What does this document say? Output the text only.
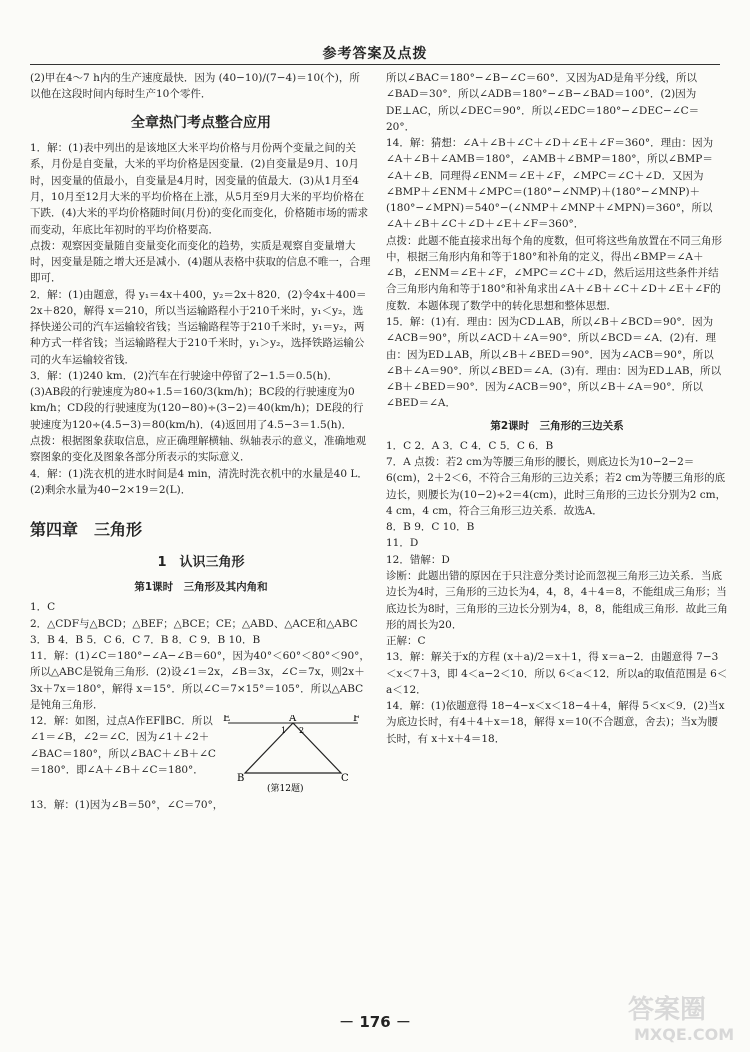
参考答案及点拨

(2)甲在4～7 h内的生产速度最快．因为 (40−10)/(7−4)＝10(个)，所

以他在这段时间内每时生产10个零件．

全章热门考点整合应用

1．解：(1)表中列出的是该地区大米平均价格与月份两个变量之间的关系，月份是自变量，大米的平均价格是因变量．(2)自变量是9月、10月时，因变量的值最小，自变量是4月时，因变量的值最大．(3)从1月至4月，10月至12月大米的平均价格在上涨，从5月至9月大米的平均价格在下跌．(4)大米的平均价格随时间(月份)的变化而变化，价格随市场的需求而变动，年底比年初时的平均价格要高．

点拨：观察因变量随自变量变化而变化的趋势，实质是观察自变量增大时，因变量是随之增大还是减小．(4)题从表格中获取的信息不唯一，合理即可．

2．解：(1)由题意，得 y₁＝4x＋400，y₂＝2x＋820．(2)令4x＋400＝2x＋820，解得 x＝210，所以当运输路程小于210千米时，y₁＜y₂，选择快递公司的汽车运输较省钱；当运输路程等于210千米时，y₁＝y₂，两种方式一样省钱；当运输路程大于210千米时，y₁＞y₂，选择铁路运输公司的火车运输较省钱．

3．解：(1)240 km．(2)汽车在行驶途中停留了2−1.5＝0.5(h)．

(3)AB段的行驶速度为80÷1.5＝160/3(km/h)；BC段的行驶速度为0 km/h；CD段的行驶速度为(120−80)÷(3−2)＝40(km/h)；DE段的行驶速度为120÷(4.5−3)＝80(km/h)．(4)返回用了4.5−3＝1.5(h)．

点拨：根据图象获取信息，应正确理解横轴、纵轴表示的意义，准确地观察图象的变化及图象各部分所表示的实际意义．

4．解：(1)洗衣机的进水时间是4 min，清洗时洗衣机中的水量是40 L．(2)剩余水量为40−2×19＝2(L)．

第四章　三角形
1　认识三角形
第1课时　三角形及其内角和

1．C

2．△CDF与△BCD；△BEF；△BCE；CE；△ABD、△ACE和△ABC

3．B 4．B 5．C 6．C 7．B 8．C 9．B 10．B

11．解：(1)∠C＝180°−∠A−∠B＝60°，因为40°＜60°＜80°＜90°，所以△ABC是锐角三角形．(2)设∠1＝2x，∠B＝3x，∠C＝7x，则2x＋3x＋7x＝180°，解得 x＝15°．所以∠C＝7×15°＝105°．所以△ABC是钝角三角形．

12．解：如图，过点A作EF∥BC．所以∠1＝∠B，∠2＝∠C．因为∠1＋∠2＋∠BAC＝180°，所以∠BAC＋∠B＋∠C＝180°．即∠A＋∠B＋∠C＝180°．

E	A	F
1 2
B	C
(第12题)

13．解：(1)因为∠B＝50°，∠C＝70°，

所以∠BAC＝180°−∠B−∠C＝60°．又因为AD是角平分线，所以∠BAD＝30°．所以∠ADB＝180°−∠B−∠BAD＝100°．(2)因为DE⊥AC，所以∠DEC＝90°．所以∠EDC＝180°−∠DEC−∠C＝20°．

14．解：猜想：∠A＋∠B＋∠C＋∠D＋∠E＋∠F＝360°．理由：因为∠A＋∠B＋∠AMB＝180°，∠AMB＋∠BMP＝180°，所以∠BMP＝∠A＋∠B．同理得∠ENM＝∠E＋∠F，∠MPC＝∠C＋∠D．又因为∠BMP＋∠ENM＋∠MPC＝(180°−∠NMP)＋(180°−∠MNP)＋(180°−∠MPN)＝540°−(∠NMP＋∠MNP＋∠MPN)＝360°，所以∠A＋∠B＋∠C＋∠D＋∠E＋∠F＝360°．

点拨：此题不能直接求出每个角的度数，但可将这些角放置在不同三角形中，根据三角形内角和等于180°和补角的定义，得出∠BMP＝∠A＋∠B，∠ENM＝∠E＋∠F，∠MPC＝∠C＋∠D，然后运用这些条件并结合三角形内角和等于180°和补角求出∠A＋∠B＋∠C＋∠D＋∠E＋∠F的度数．本题体现了数学中的转化思想和整体思想．

15．解：(1)有．理由：因为CD⊥AB，所以∠B＋∠BCD＝90°．因为∠ACB＝90°，所以∠ACD＋∠A＝90°．所以∠BCD＝∠A．(2)有．理由：因为ED⊥AB，所以∠B＋∠BED＝90°．因为∠ACB＝90°，所以∠B＋∠A＝90°．所以∠BED＝∠A．(3)有．理由：因为ED⊥AB，所以∠B＋∠BED＝90°．因为∠ACB＝90°，所以∠B＋∠A＝90°．所以∠BED＝∠A．

第2课时　三角形的三边关系

1．C 2．A 3．C 4．C 5．C 6．B

7．A 点拨：若2 cm为等腰三角形的腰长，则底边长为10−2−2＝6(cm)，2＋2＜6，不符合三角形的三边关系；若2 cm为等腰三角形的底边长，则腰长为(10−2)÷2＝4(cm)，此时三角形的三边长分别为2 cm，4 cm，4 cm，符合三角形三边关系．故选A．

8．B 9．C 10．B

11．D

12．错解：D

诊断：此题出错的原因在于只注意分类讨论而忽视三角形三边关系．当底边长为4时，三角形的三边长为4，4，8，4＋4＝8，不能组成三角形；当底边长为8时，三角形的三边长分别为4，8，8，能组成三角形．故此三角形的周长为20．

正解：C

13．解：解关于x的方程 (x＋a)/2＝x＋1，得 x＝a−2．由题意得 7−3＜x＜7＋3，即 4＜a−2＜10．所以 6＜a＜12．所以a的取值范围是 6＜a＜12．

14．解：(1)依题意得 18−4−x＜x＜18−4＋4，解得 5＜x＜9．(2)当x为底边长时，有4＋4＋x＝18，解得 x＝10(不合题意，舍去)；当x为腰长时，有 x＋x＋4＝18．

－ 176 －	答案圈
MXQE.COM
